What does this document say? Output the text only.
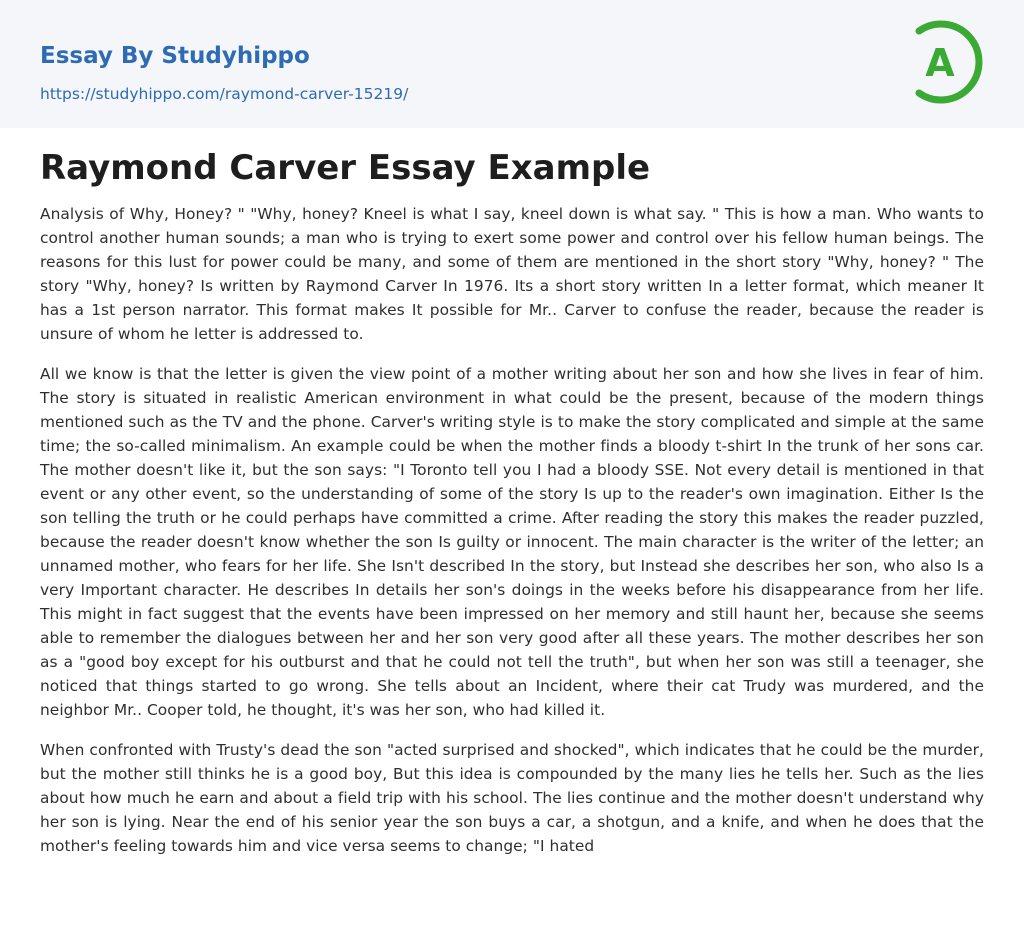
Essay By Studyhippo
https://studyhippo.com/raymond-carver-15219/
A
Raymond Carver Essay Example

Analysis of Why, Honey? " "Why, honey? Kneel is what I say, kneel down is what say. " This is how a man. Who wants to control another human sounds; a man who is trying to exert some power and control over his fellow human beings. The reasons for this lust for power could be many, and some of them are mentioned in the short story "Why, honey? " The story "Why, honey? Is written by Raymond Carver In 1976. Its a short story written In a letter format, which meaner It has a 1st person narrator. This format makes It possible for Mr.. Carver to confuse the reader, because the reader is unsure of whom he letter is addressed to.

All we know is that the letter is given the view point of a mother writing about her son and how she lives in fear of him. The story is situated in realistic American environment in what could be the present, because of the modern things mentioned such as the TV and the phone. Carver's writing style is to make the story complicated and simple at the same time; the so-called minimalism. An example could be when the mother finds a bloody t-shirt In the trunk of her sons car. The mother doesn't like it, but the son says: "I Toronto tell you I had a bloody SSE. Not every detail is mentioned in that event or any other event, so the understanding of some of the story Is up to the reader's own imagination. Either Is the son telling the truth or he could perhaps have committed a crime. After reading the story this makes the reader puzzled, because the reader doesn't know whether the son Is guilty or innocent. The main character is the writer of the letter; an unnamed mother, who fears for her life. She Isn't described In the story, but Instead she describes her son, who also Is a very Important character. He describes In details her son's doings in the weeks before his disappearance from her life. This might in fact suggest that the events have been impressed on her memory and still haunt her, because she seems able to remember the dialogues between her and her son very good after all these years. The mother describes her son as a "good boy except for his outburst and that he could not tell the truth", but when her son was still a teenager, she noticed that things started to go wrong. She tells about an Incident, where their cat Trudy was murdered, and the neighbor Mr.. Cooper told, he thought, it's was her son, who had killed it.

When confronted with Trusty's dead the son "acted surprised and shocked", which indicates that he could be the murder, but the mother still thinks he is a good boy, But this idea is compounded by the many lies he tells her. Such as the lies about how much he earn and about a field trip with his school. The lies continue and the mother doesn't understand why her son is lying. Near the end of his senior year the son buys a car, a shotgun, and a knife, and when he does that the mother's feeling towards him and vice versa seems to change; "I hated
